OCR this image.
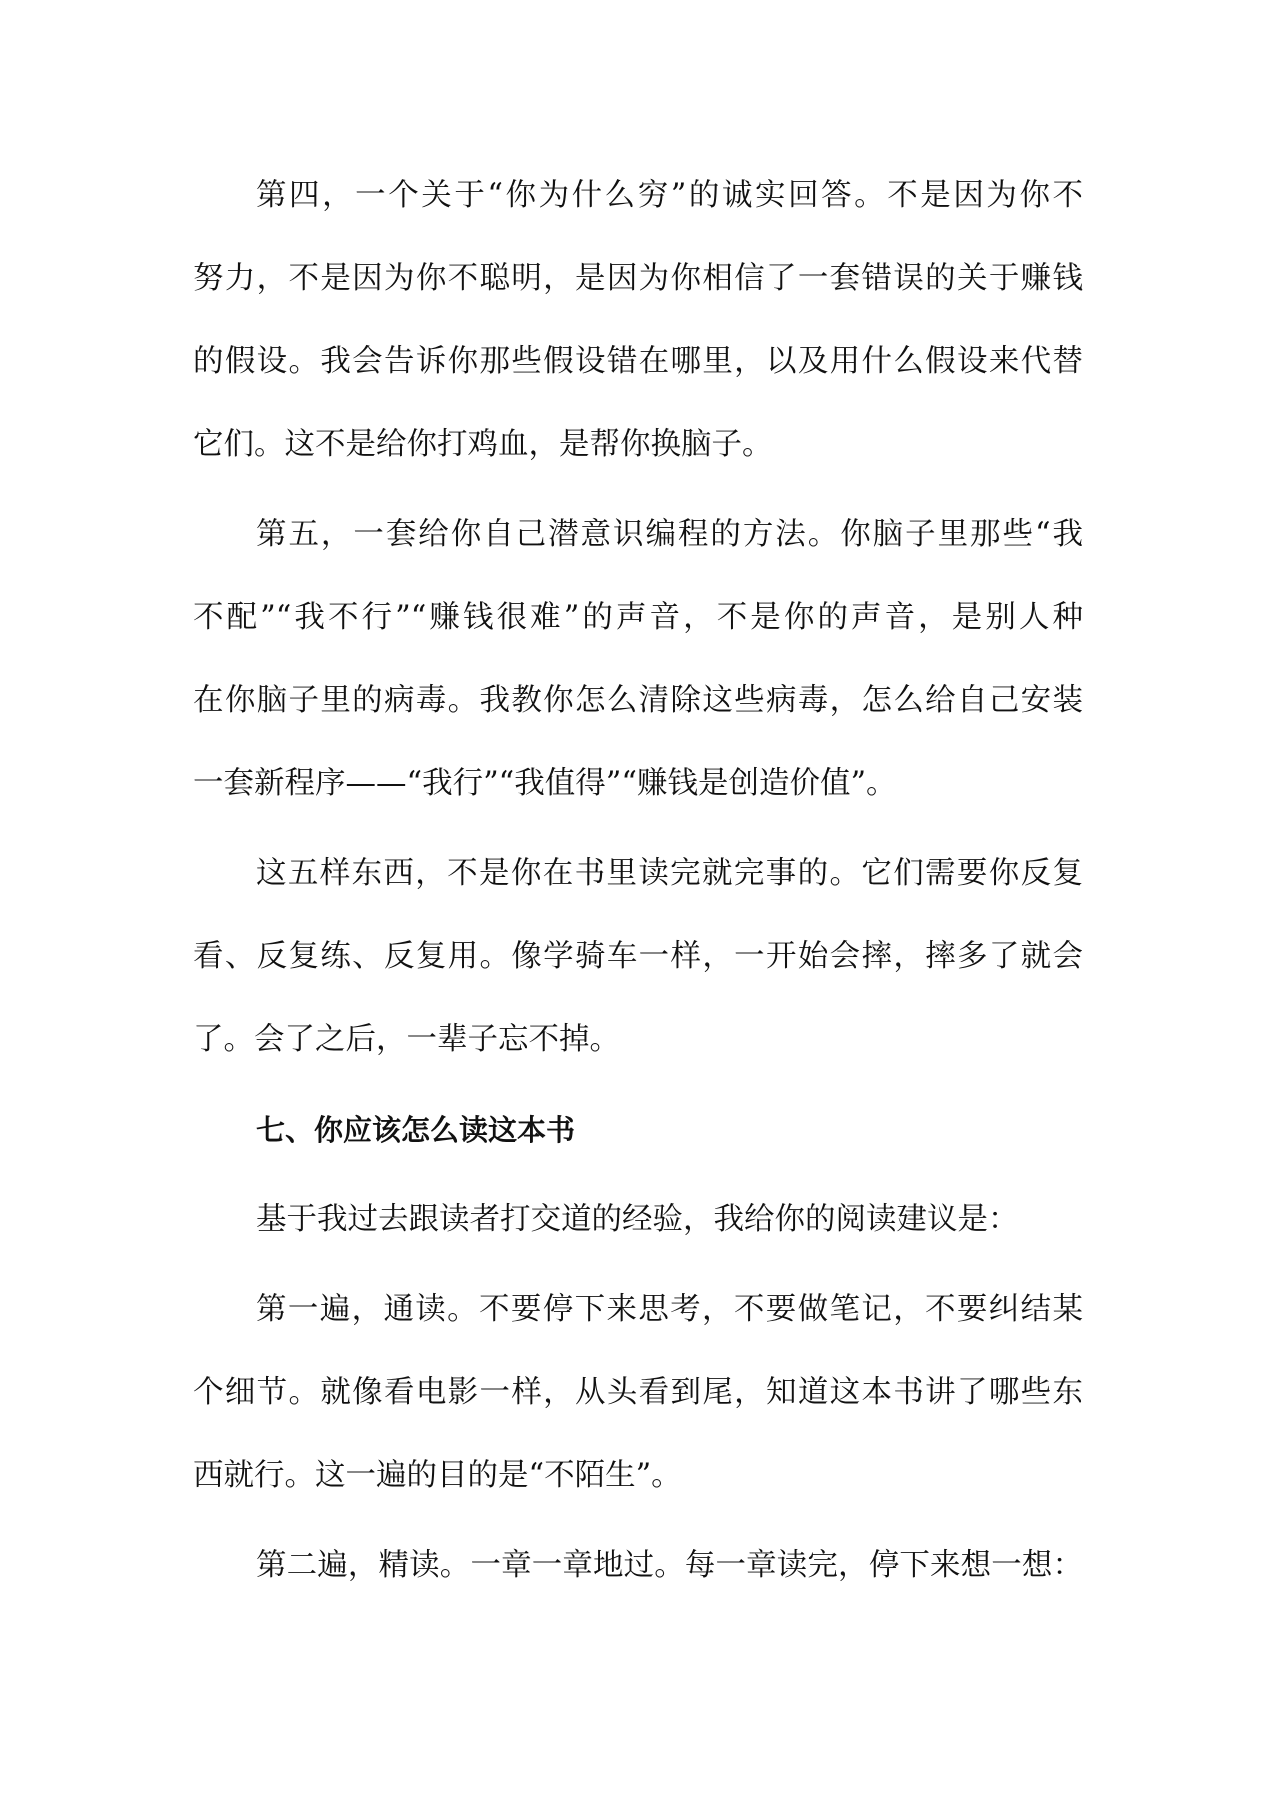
第四，一个关于“你为什么穷”的诚实回答。不是因为你不
努力，不是因为你不聪明，是因为你相信了一套错误的关于赚钱
的假设。我会告诉你那些假设错在哪里，以及用什么假设来代替
它们。这不是给你打鸡血，是帮你换脑子。
第五，一套给你自己潜意识编程的方法。你脑子里那些“我
不配”“我不行”“赚钱很难”的声音，不是你的声音，是别人种
在你脑子里的病毒。我教你怎么清除这些病毒，怎么给自己安装
一套新程序——“我行”“我值得”“赚钱是创造价值”。
这五样东西，不是你在书里读完就完事的。它们需要你反复
看、反复练、反复用。像学骑车一样，一开始会摔，摔多了就会
了。会了之后，一辈子忘不掉。
七、你应该怎么读这本书
基于我过去跟读者打交道的经验，我给你的阅读建议是：
第一遍，通读。不要停下来思考，不要做笔记，不要纠结某
个细节。就像看电影一样，从头看到尾，知道这本书讲了哪些东
西就行。这一遍的目的是“不陌生”。
第二遍，精读。一章一章地过。每一章读完，停下来想一想：
